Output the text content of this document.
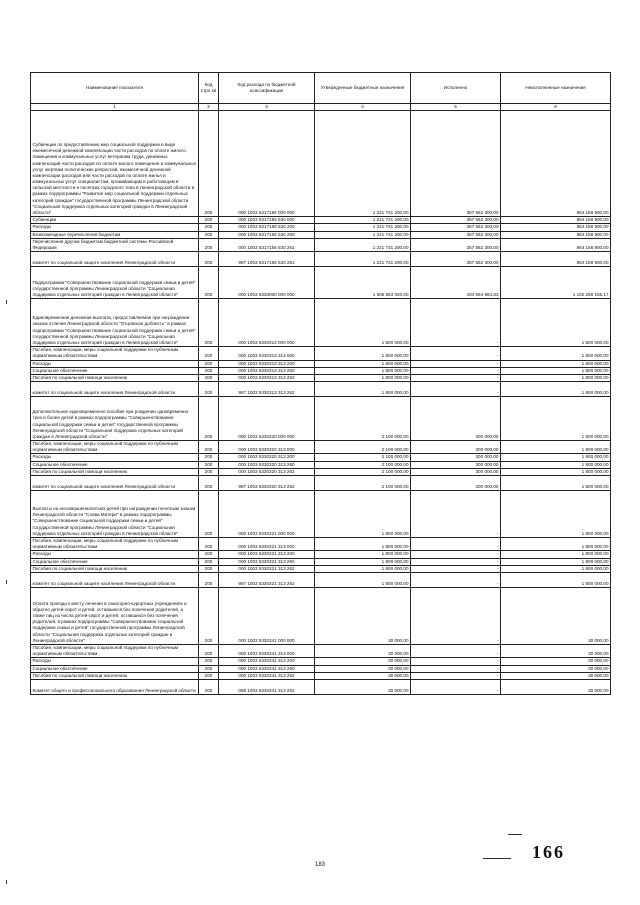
Наименование показателя	Код стро ки	Код расхода по бюджетной классификации	Утвержденные бюджетные назначения	Исполнено	Неисполненные назначения
1	2	3	4	5	6
Субвенции по предоставлению мер социальной поддержки в виде ежемесячной денежной компенсации части расходов по оплате жилого помещения и коммунальных услуг ветеранам труда, денежных компенсаций части расходов по оплате жилого помещения и коммунальных услуг жертвам политических репрессий, ежемесячной денежной компенсации расходов или части расходов по оплате жилья и коммунальных услуг специалистам, проживающим и работающим в сельской местности и поселках городского типа в Ленинградской области в рамках подпрограммы "Развитие мер социальной поддержки отдельных категорий граждан" государственной программы Ленинградской области "Социальная поддержка отдельных категорий граждан в Ленинградской области"	200	000 1003 5317156 000 000	1 221 731 200,00	357 562 300,00	864 168 900,00
Субвенции	200	000 1003 5317156 530 000	1 221 731 200,00	357 562 300,00	864 168 900,00
Расходы	200	000 1003 5317156 530 200	1 221 731 200,00	357 562 300,00	864 168 900,00
Безвозмездные перечисления бюджетам	200	000 1003 5317156 530 250	1 221 731 200,00	357 562 300,00	864 168 900,00
Перечисления другим бюджетам бюджетной системы Российской Федерации	200	000 1003 5317156 530 251	1 221 731 200,00	357 562 300,00	864 168 900,00
комитет по социальной защите населения Ленинградской области	200	987 1003 5317156 530 251	1 221 731 200,00	357 562 300,00	864 168 900,00
Подпрограмма "Совершенствование социальной поддержки семьи и детей" государственной программы Ленинградской области "Социальная поддержка отдельных категорий граждан в Ленинградской области"	200	000 1003 5330000 000 000	1 506 853 020,00	404 594 864,83	1 102 258 155,17
Единовременная денежная выплата, предоставляемая при награждении знаком отличия Ленинградской области "Отцовская доблесть" в рамках подпрограммы "Совершенствование социальной поддержки семьи и детей" государственной программы Ленинградской области "Социальная поддержка отдельных категорий граждан в Ленинградской области"	200	000 1003 5330313 000 000	1 800 000,00	-	1 800 000,00
Пособия, компенсации, меры социальной поддержки по публичным нормативным обязательствам	200	000 1003 5330313 313 000	1 800 000,00	-	1 800 000,00
Расходы	200	000 1003 5330313 313 200	1 800 000,00	-	1 800 000,00
Социальное обеспечение	200	000 1003 5330313 313 260	1 800 000,00	-	1 800 000,00
Пособия по социальной помощи населению	200	000 1003 5330313 313 262	1 800 000,00	-	1 800 000,00
комитет по социальной защите населения Ленинградской области	200	987 1003 5330313 313 262	1 800 000,00	-	1 800 000,00
Дополнительное единовременное пособие при рождении одновременно трех и более детей в рамках подпрограммы "Совершенствование социальной поддержки семьи и детей" государственной программы Ленинградской области "Социальная поддержка отдельных категорий граждан в Ленинградской области"	200	000 1003 5330320 000 000	2 100 000,00	300 000,00	1 800 000,00
Пособия, компенсации, меры социальной поддержки по публичным нормативным обязательствам	200	000 1003 5330320 313 000	2 100 000,00	300 000,00	1 800 000,00
Расходы	200	000 1003 5330320 313 200	2 100 000,00	300 000,00	1 800 000,00
Социальное обеспечение	200	000 1003 5330320 313 260	2 100 000,00	300 000,00	1 800 000,00
Пособия по социальной помощи населению	200	000 1003 5330320 313 262	2 100 000,00	300 000,00	1 800 000,00
комитет по социальной защите населения Ленинградской области	200	987 1003 5330320 313 262	2 100 000,00	300 000,00	1 800 000,00
Выплаты на несовершеннолетних детей при награждении почетным знаком Ленинградской области "Слава Матери" в рамках подпрограммы "Совершенствование социальной поддержки семьи и детей" государственной программы Ленинградской области "Социальная поддержка отдельных категорий граждан в Ленинградской области"	200	000 1003 5330321 000 000	1 800 000,00	-	1 800 000,00
Пособия, компенсации, меры социальной поддержки по публичным нормативным обязательствам	200	000 1003 5330321 313 000	1 800 000,00	-	1 800 000,00
Расходы	200	000 1003 5330321 313 200	1 800 000,00	-	1 800 000,00
Социальное обеспечение	200	000 1003 5330321 313 260	1 800 000,00	-	1 800 000,00
Пособия по социальной помощи населению	200	000 1003 5330321 313 262	1 800 000,00	-	1 800 000,00
комитет по социальной защите населения Ленинградской области	200	987 1003 5330321 313 262	1 800 000,00	-	1 800 000,00
Оплата проезда к месту лечения в санаторно-курортных учреждениях и обратно детей-сирот и детей, оставшихся без попечения родителей, а также лиц из числа детей-сирот и детей, оставшихся без попечения родителей, в рамках подпрограммы "Совершенствование социальной поддержки семьи и детей" государственной программы Ленинградской области "Социальная поддержка отдельных категорий граждан в Ленинградской области"	200	000 1003 5330341 000 000	30 000,00	-	30 000,00
Пособия, компенсации, меры социальной поддержки по публичным нормативным обязательствам	200	000 1003 5330341 313 000	30 000,00	-	30 000,00
Расходы	200	000 1003 5330341 313 200	30 000,00	-	30 000,00
Социальное обеспечение	200	000 1003 5330341 313 260	30 000,00	-	30 000,00
Пособия по социальной помощи населению	200	000 1003 5330341 313 262	30 000,00	-	30 000,00
Комитет общего и профессионального образования Ленинградской области	200	068 1003 5330341 313 262	30 000,00	-	30 000,00
183
166
